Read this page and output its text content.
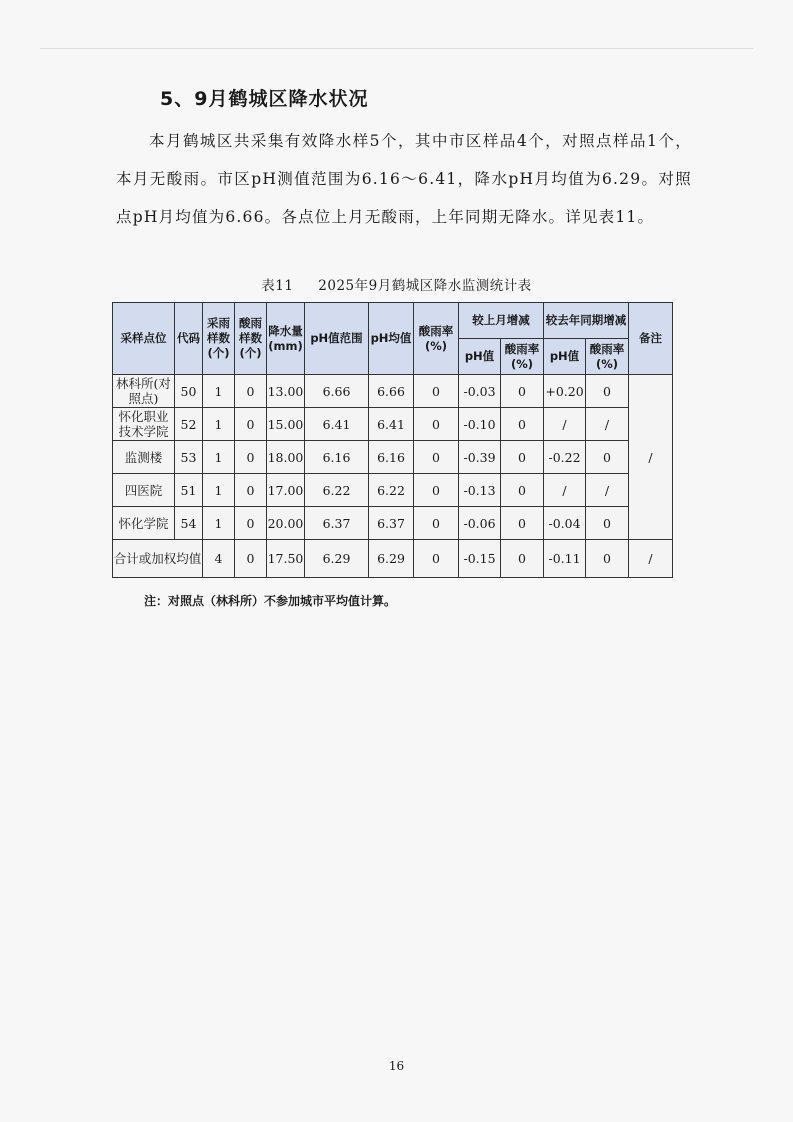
5、9月鹤城区降水状况

本月鹤城区共采集有效降水样5个，其中市区样品4个，对照点样品1个，本月无酸雨。市区pH测值范围为6.16～6.41，降水pH月均值为6.29。对照点pH月均值为6.66。各点位上月无酸雨，上年同期无降水。详见表11。

表11 2025年9月鹤城区降水监测统计表
采样点位	代码	采雨样数(个)	酸雨样数(个)	降水量(mm)	pH值范围	pH均值	酸雨率(%)	较上月增减		较去年同期增减		备注
								pH值	酸雨率(%)	pH值	酸雨率(%)	
林科所(对照点)	50	1	0	13.00	6.66	6.66	0	-0.03	0	+0.20	0	/
怀化职业技术学院	52	1	0	15.00	6.41	6.41	0	-0.10	0	/	/	
监测楼	53	1	0	18.00	6.16	6.16	0	-0.39	0	-0.22	0	
四医院	51	1	0	17.00	6.22	6.22	0	-0.13	0	/	/	
怀化学院	54	1	0	20.00	6.37	6.37	0	-0.06	0	-0.04	0	
合计或加权均值		4	0	17.50	6.29	6.29	0	-0.15	0	-0.11	0	/
注：对照点（林科所）不参加城市平均值计算。
16
